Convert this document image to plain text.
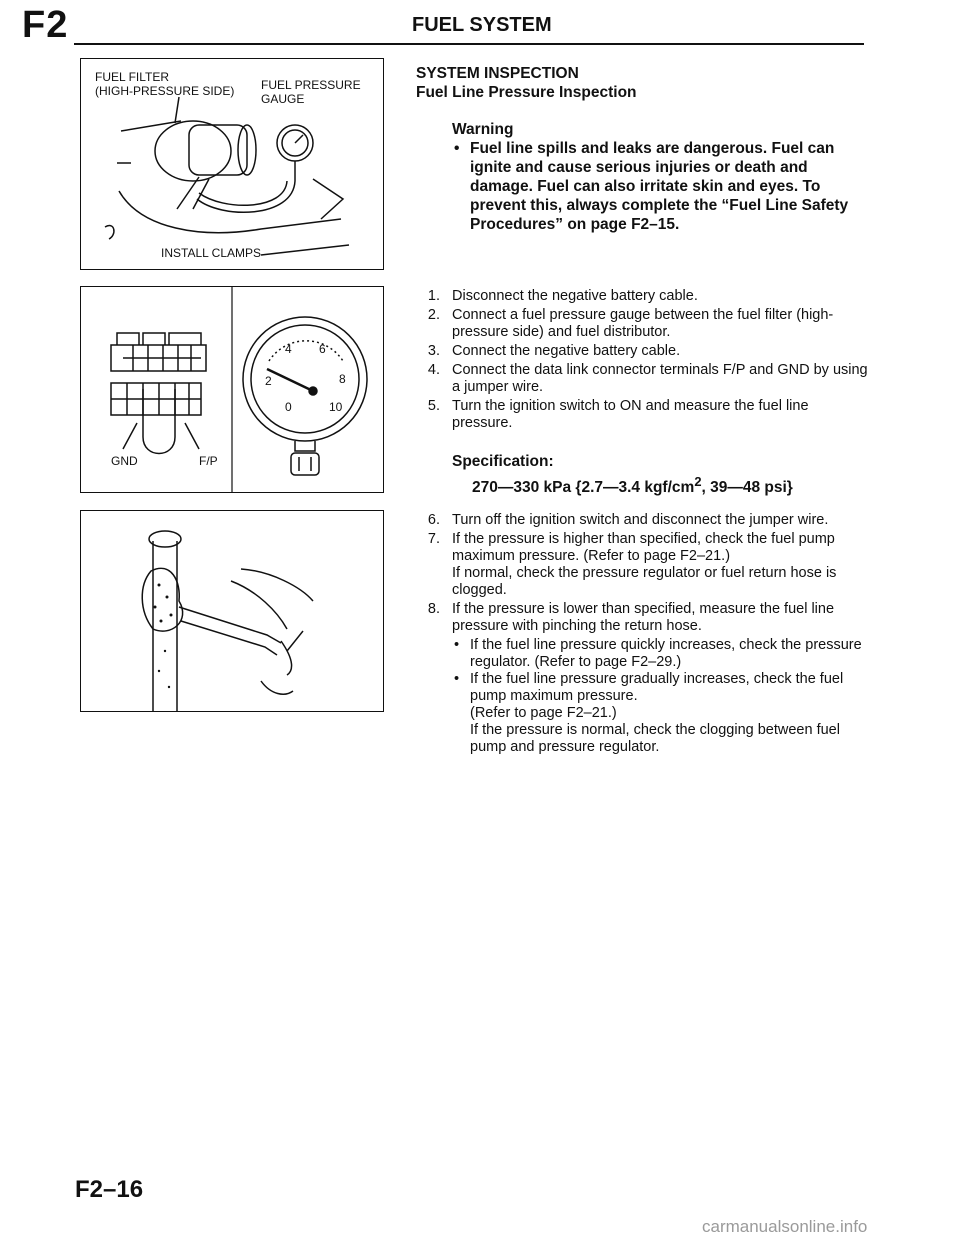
F2	FUEL SYSTEM
FUEL FILTER
(HIGH-PRESSURE SIDE) FUEL PRESSURE
GAUGE
INSTALL CLAMPS
GND	F/P
0
2
4 6
8
10
SYSTEM INSPECTION
Fuel Line Pressure Inspection
Warning
• Fuel line spills and leaks are dangerous. Fuel can ignite and cause serious injuries or death and damage. Fuel can also irritate skin and eyes. To prevent this, always complete the “Fuel Line Safety Procedures” on page F2–15.
1. Disconnect the negative battery cable.
2. Connect a fuel pressure gauge between the fuel filter (high-pressure side) and fuel distributor.
3. Connect the negative battery cable.
4. Connect the data link connector terminals F/P and GND by using a jumper wire.
5. Turn the ignition switch to ON and measure the fuel line pressure.
Specification:
270—330 kPa {2.7—3.4 kgf/$cm^2$, 39—48 psi}
6. Turn off the ignition switch and disconnect the jumper wire.
7. If the pressure is higher than specified, check the fuel pump maximum pressure. (Refer to page F2–21.)
If normal, check the pressure regulator or fuel return hose is clogged.
8. If the pressure is lower than specified, measure the fuel line pressure with pinching the return hose.
• If the fuel line pressure quickly increases, check the pressure regulator. (Refer to page F2–29.)
• If the fuel line pressure gradually increases, check the fuel pump maximum pressure.
(Refer to page F2–21.)
If the pressure is normal, check the clogging between fuel pump and pressure regulator.
F2–16
carmanualsonline.info
